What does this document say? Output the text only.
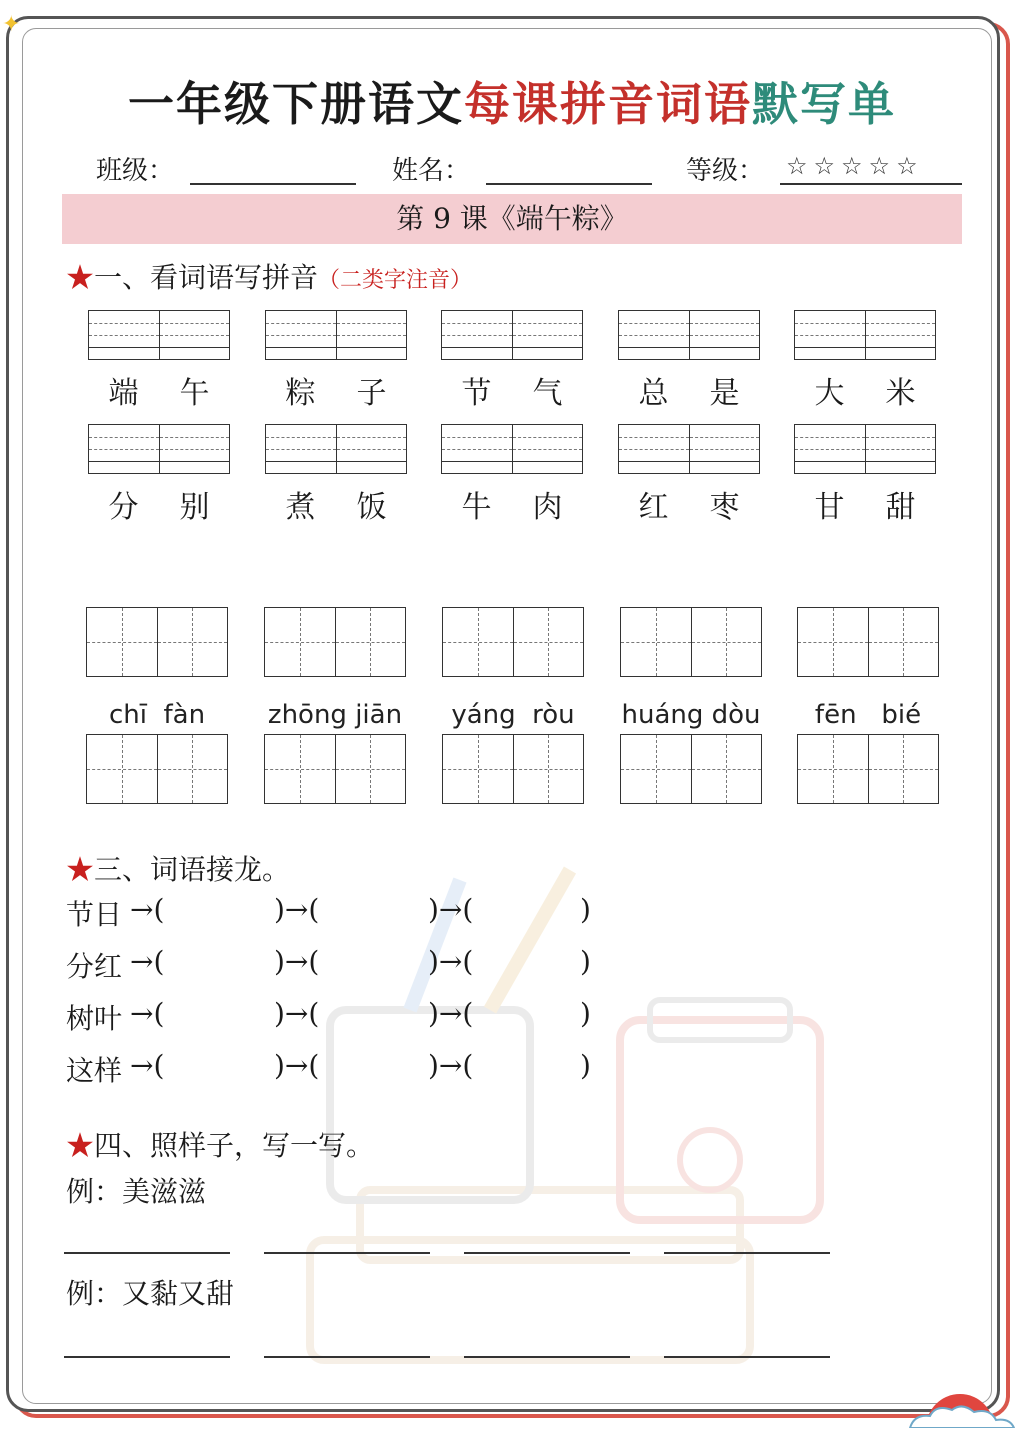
✦
一年级下册语文每课拼音词语默写单
班级：	姓名：	等级： ☆☆☆☆☆
第 9 课《端午粽》
★一、看词语写拼音（二类字注音）
端 午	粽 子	节 气	总 是	大 米
分 别	煮 饭	牛 肉	红 枣	甘 甜
chī  fàn	zhōng jiān	yáng  ròu	huáng dòu	fēn   bié
★三、词语接龙。
节日 →(	)→(	)→(	)
分红 →(	)→(	)→(	)
树叶 →(	)→(	)→(	)
这样 →(	)→(	)→(	)
★四、照样子，写一写。
例：美滋滋
例：又黏又甜
